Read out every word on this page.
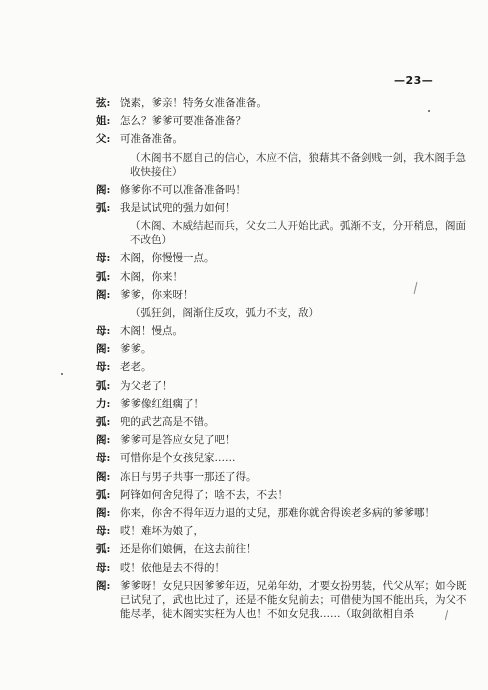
—23—
弦: 饶素，爹亲！特务女准备准备。
姐: 怎么？爹爹可要准备准备？
父: 可准备准备。
（木阁书不愿自己的信心，木应不信，狼藉其不备剑贱一剑，我木阁手急收快接住）
阁: 修爹你不可以准备准备吗！
弧: 我是试试兜的强力如何！
（木阁、木威结起而兵，父女二人开始比武。弧渐不支，分开稍息，阁面不改色）
母: 木阁，你慢慢一点。
弧: 木阁，你来！
阁: 爹爹，你来呀！
（弧狂剑，阁渐住反攻，弧力不支，敌）
母: 木阁！慢点。
阁: 爹爹。
母: 老老。
弧: 为父老了！
力: 爹爹像红组瘸了！
弧: 兜的武艺高是不错。
阁: 爹爹可是答应女兒了吧！
母: 可惜你是个女孩兒家……
阁: 冻日与男子共事一那还了得。
弧: 阿锋如何舍兒得了；啥不去，不去！
阁: 你来，你舍不得年迈力退的丈兒，那难你就舍得诶老多病的爹爹哪！
母: 哎！难坏为娘了，
弧: 还是你们娘俩，在这去前往！
母: 哎！依他是去不得的！
阁: 爹爹呀！女兒只因爹爹年迈，兄弟年幼，才要女扮男装，代父从军；如今既已试兒了，武也比过了，还是不能女兒前去；可借使为国不能出兵，为父不能尽孝，徒木阁实实枉为人也！不如女兒我……（取剑欲相自杀
